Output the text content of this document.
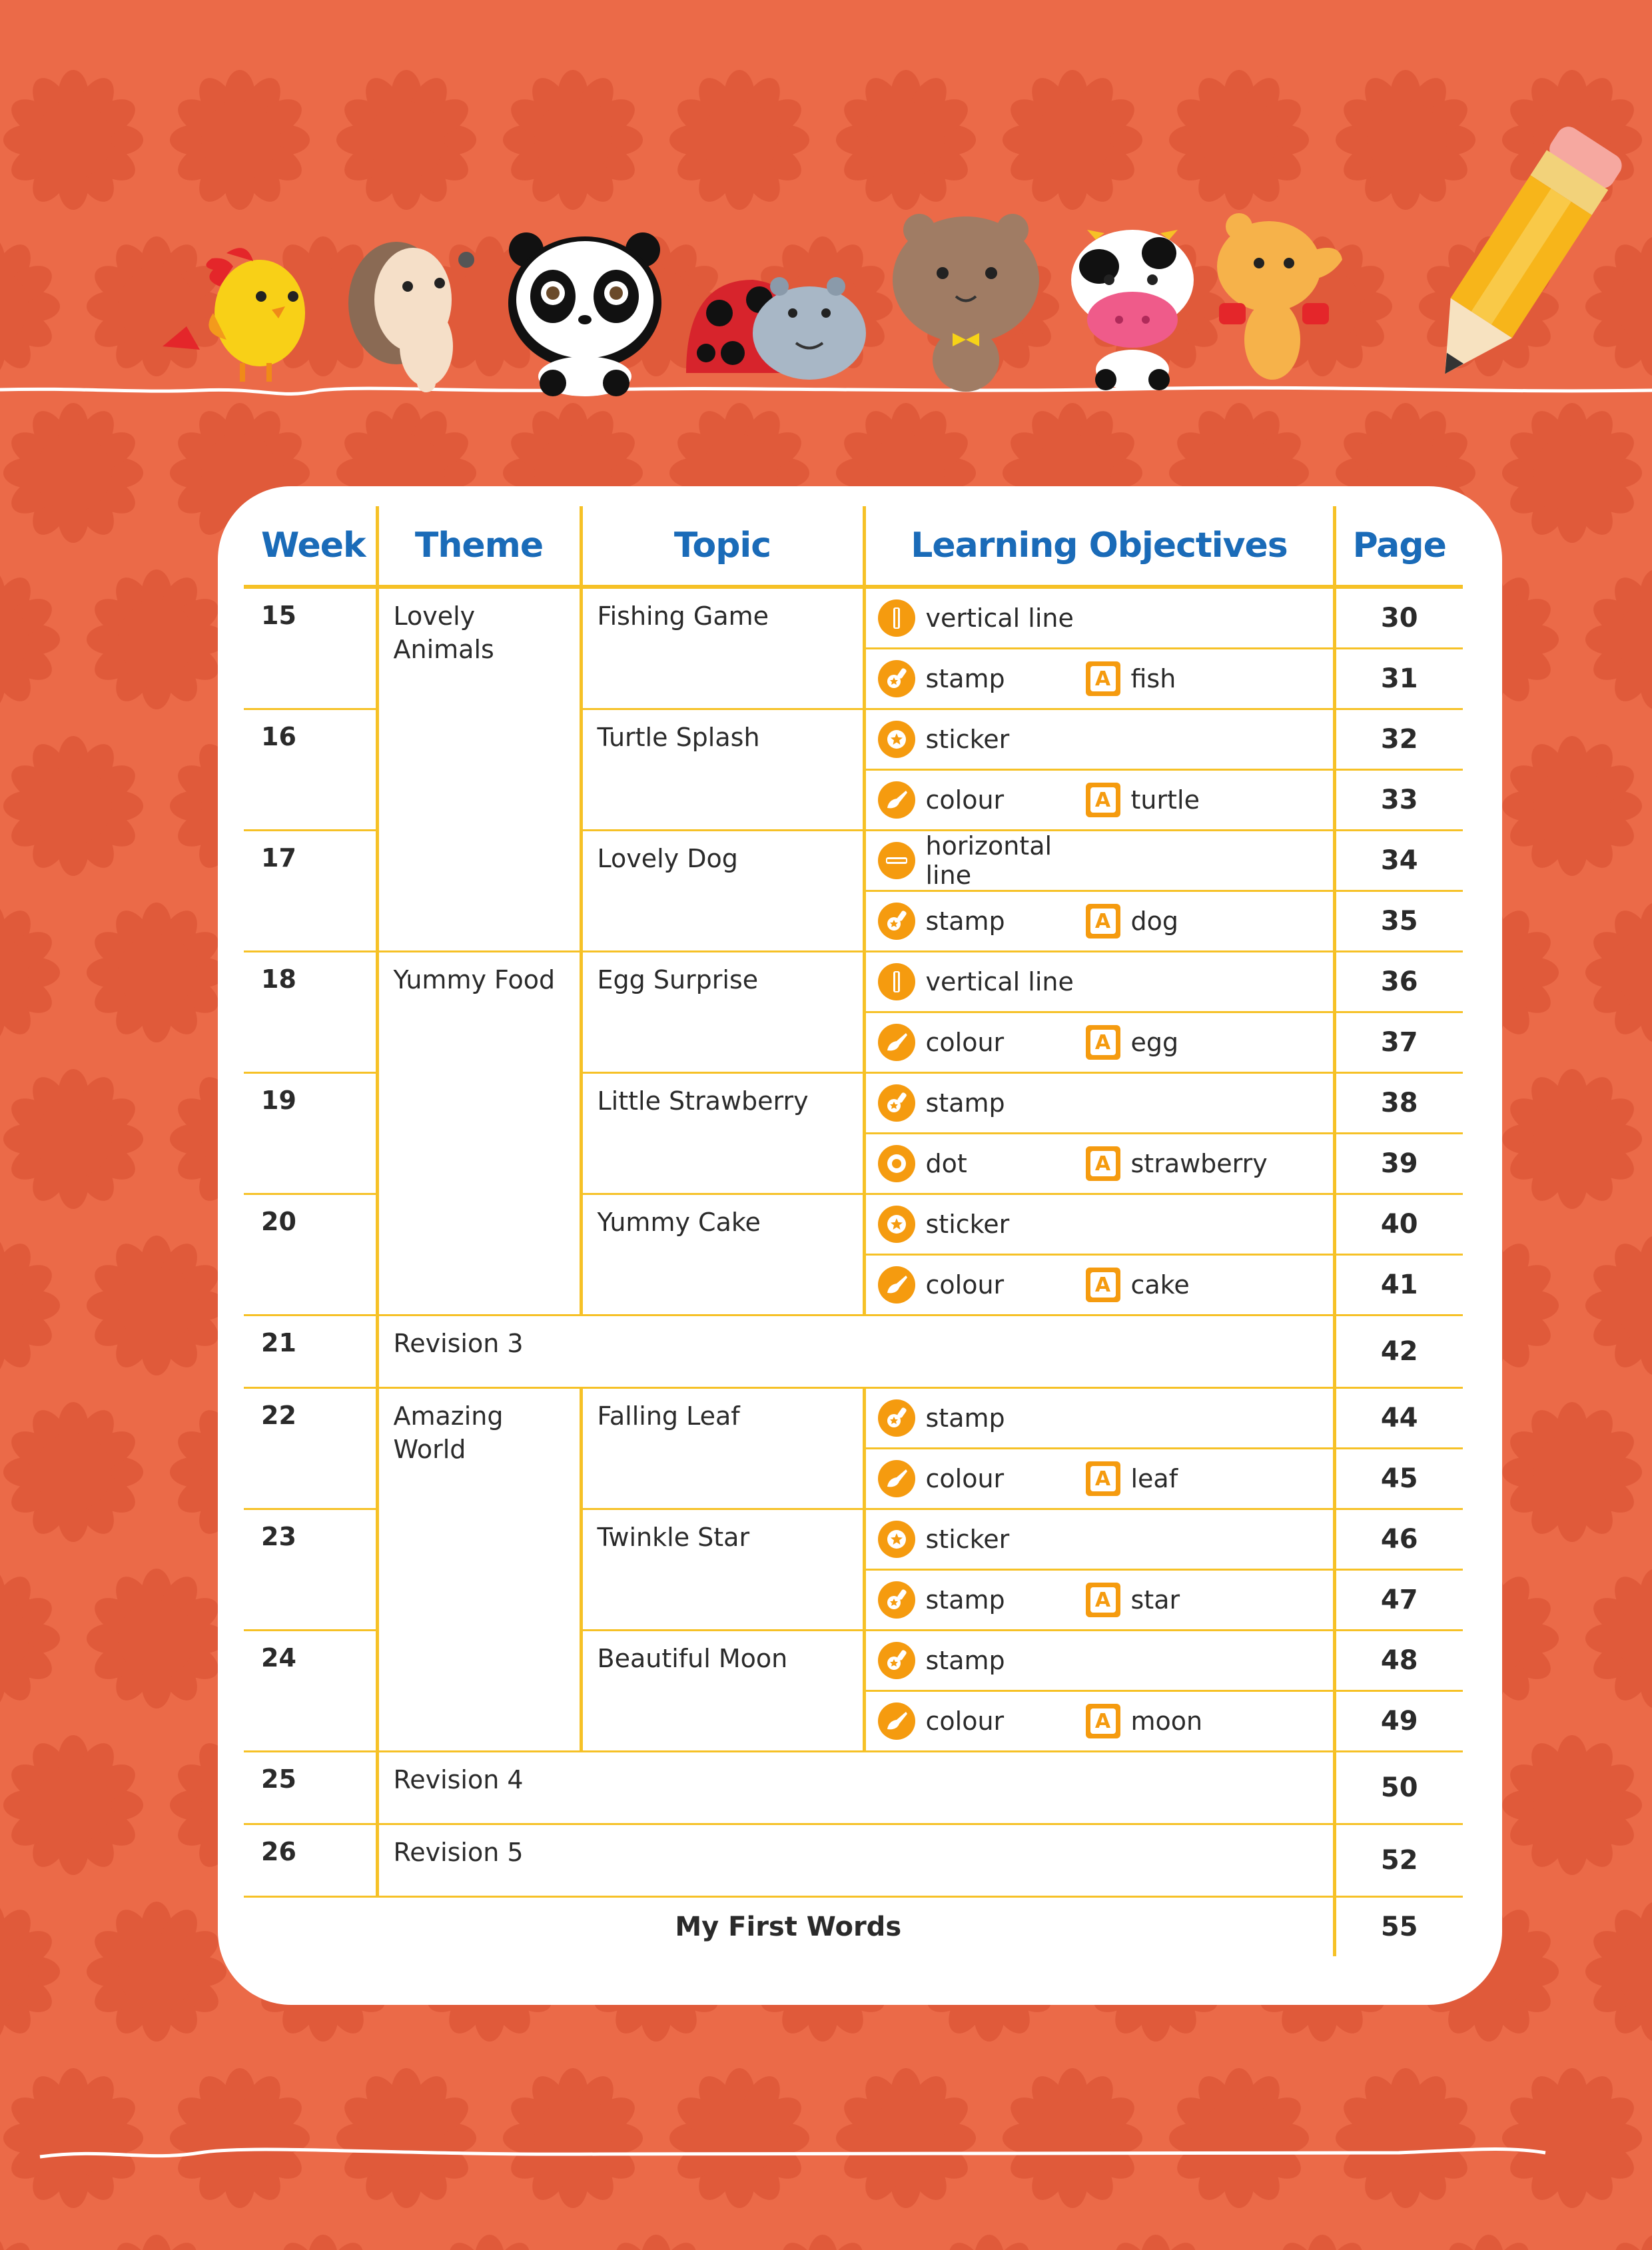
Week	Theme	Topic	Learning Objectives	Page
15	Lovely Animals	Fishing Game	vertical line	30

			stamp A fish	31
16		Turtle Splash	sticker	32

			colour A turtle	33
17		Lovely Dog	horizontal line	34

			stamp A dog	35
18	Yummy Food	Egg Surprise	vertical line	36

			colour A egg	37
19		Little Strawberry	stamp	38

			dot A strawberry	39
20		Yummy Cake	sticker	40

			colour A cake	41
21	Revision 3			42
22	Amazing World	Falling Leaf	stamp	44

			colour A leaf	45
23		Twinkle Star	sticker	46

			stamp A star	47
24		Beautiful Moon	stamp	48

			colour A moon	49
25	Revision 4			50
26	Revision 5			52
My First Words				55
